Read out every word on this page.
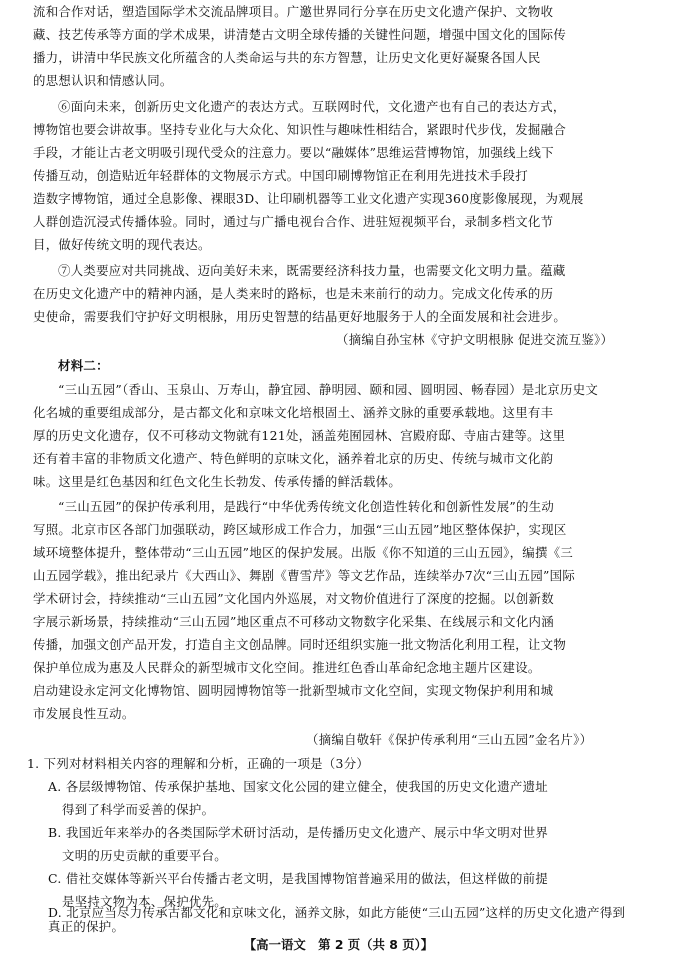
流和合作对话，塑造国际学术交流品牌项目。广邀世界同行分享在历史文化遗产保护、文物收
藏、技艺传承等方面的学术成果，讲清楚古文明全球传播的关键性问题，增强中国文化的国际传
播力，讲清中华民族文化所蕴含的人类命运与共的东方智慧，让历史文化更好凝聚各国人民
的思想认识和情感认同。
⑥面向未来，创新历史文化遗产的表达方式。互联网时代，文化遗产也有自己的表达方式，
博物馆也要会讲故事。坚持专业化与大众化、知识性与趣味性相结合，紧跟时代步伐，发掘融合
手段，才能让古老文明吸引现代受众的注意力。要以“融媒体”思维运营博物馆，加强线上线下
传播互动，创造贴近年轻群体的文物展示方式。中国印刷博物馆正在利用先进技术手段打
造数字博物馆，通过全息影像、裸眼3D、让印刷机器等工业文化遗产实现360度影像展现，为观展
人群创造沉浸式传播体验。同时，通过与广播电视台合作、进驻短视频平台，录制多档文化节
目，做好传统文明的现代表达。
⑦人类要应对共同挑战、迈向美好未来，既需要经济科技力量，也需要文化文明力量。蕴藏
在历史文化遗产中的精神内涵，是人类来时的路标，也是未来前行的动力。完成文化传承的历
史使命，需要我们守护好文明根脉，用历史智慧的结晶更好地服务于人的全面发展和社会进步。
（摘编自孙宝林《守护文明根脉 促进交流互鉴》）
材料二：
“三山五园”（香山、玉泉山、万寿山，静宜园、静明园、颐和园、圆明园、畅春园）是北京历史文
化名城的重要组成部分，是古都文化和京味文化培根固土、涵养文脉的重要承载地。这里有丰
厚的历史文化遗存，仅不可移动文物就有121处，涵盖苑囿园林、宫殿府邸、寺庙古建等。这里
还有着丰富的非物质文化遗产、特色鲜明的京味文化，涵养着北京的历史、传统与城市文化韵
味。这里是红色基因和红色文化生长勃发、传承传播的鲜活载体。
“三山五园”的保护传承利用，是践行“中华优秀传统文化创造性转化和创新性发展”的生动
写照。北京市区各部门加强联动，跨区域形成工作合力，加强“三山五园”地区整体保护，实现区
域环境整体提升，整体带动“三山五园”地区的保护发展。出版《你不知道的三山五园》，编撰《三
山五园学载》，推出纪录片《大西山》、舞剧《曹雪芹》等文艺作品，连续举办7次“三山五园”国际
学术研讨会，持续推动“三山五园”文化国内外巡展，对文物价值进行了深度的挖掘。以创新数
字展示新场景，持续推动“三山五园”地区重点不可移动文物数字化采集、在线展示和文化内涵
传播，加强文创产品开发，打造自主文创品牌。同时还组织实施一批文物活化利用工程，让文物
保护单位成为惠及人民群众的新型城市文化空间。推进红色香山革命纪念地主题片区建设。
启动建设永定河文化博物馆、圆明园博物馆等一批新型城市文化空间，实现文物保护利用和城
市发展良性互动。
（摘编自敬轩《保护传承利用“三山五园”金名片》）
1. 下列对材料相关内容的理解和分析，正确的一项是（3分）
A. 各层级博物馆、传承保护基地、国家文化公园的建立健全，使我国的历史文化遗产遗址
得到了科学而妥善的保护。
B. 我国近年来举办的各类国际学术研讨活动，是传播历史文化遗产、展示中华文明对世界
文明的历史贡献的重要平台。
C. 借社交媒体等新兴平台传播古老文明，是我国博物馆普遍采用的做法，但这样做的前提
是坚持文物为本、保护优先。
D. 北京应当尽力传承古都文化和京味文化，涵养文脉，如此方能使“三山五园”这样的历史文化遗产得到真正的保护。
【高一语文　第 2 页（共 8 页）】
